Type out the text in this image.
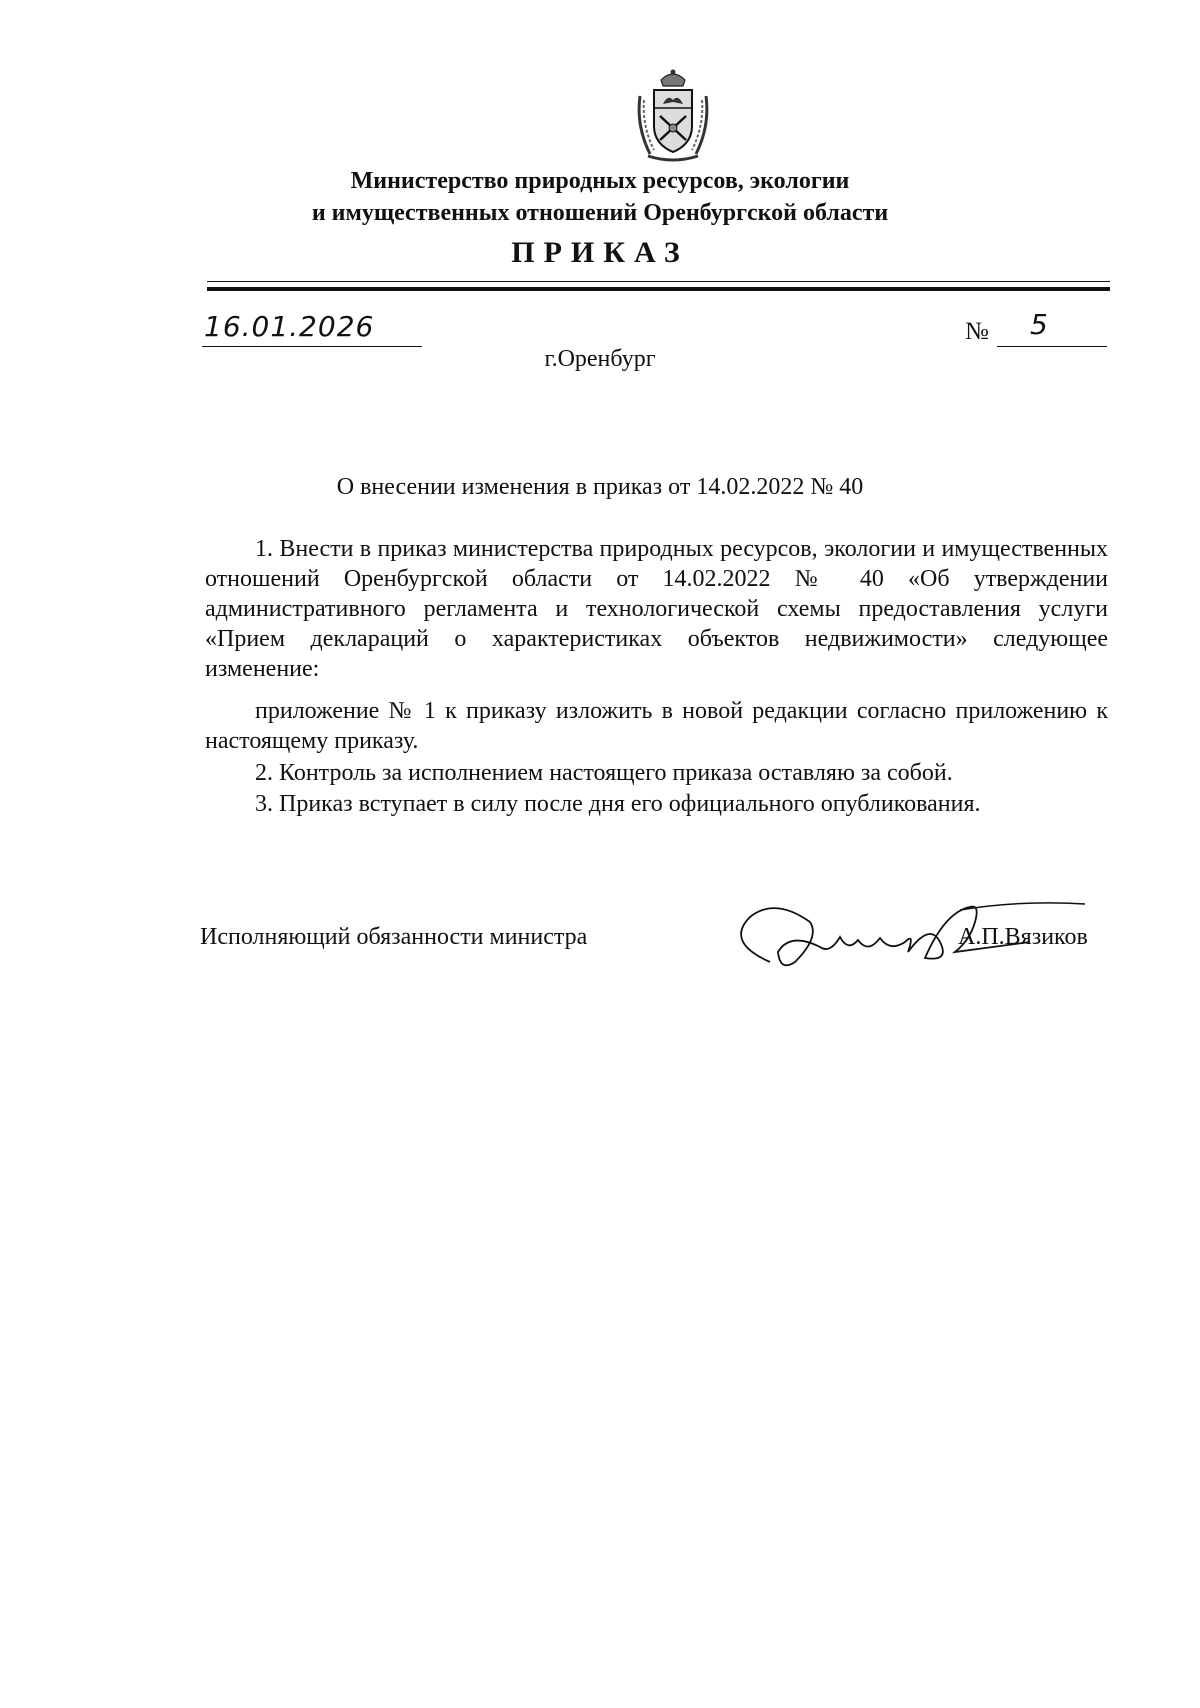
Министерство природных ресурсов, экологии
и имущественных отношений Оренбургской области
ПРИКАЗ
16.01.2026	№ 5
г.Оренбург
О внесении изменения в приказ от 14.02.2022 № 40
1. Внести в приказ министерства природных ресурсов, экологии и имущественных отношений Оренбургской области от 14.02.2022 № 40 «Об утверждении административного регламента и технологической схемы предоставления услуги «Прием деклараций о характеристиках объектов недвижимости» следующее изменение:
приложение № 1 к приказу изложить в новой редакции согласно приложению к настоящему приказу.
2. Контроль за исполнением настоящего приказа оставляю за собой.
3. Приказ вступает в силу после дня его официального опубликования.
Исполняющий обязанности министра	А.П.Вязиков
